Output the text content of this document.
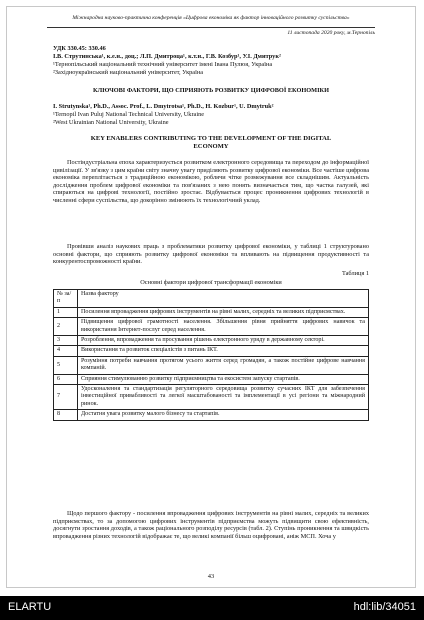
Міжнародна науково-практична конференція «Цифрова економіка як фактор інноваційного розвитку суспільства»
11 листопада 2020 року, м.Тернопіль
УДК 330.45: 330.46
І.В. Струтинська¹, к.е.н., доц.; Л.П. Дмитроца¹, к.т.н., Г.В. Козбур¹, У.І. Дмитрук²
¹Тернопільський національний технічний університет імені Івана Пулюя, Україна
²Західноукраїнський національний університет, Україна
КЛЮЧОВІ ФАКТОРИ, ЩО СПРИЯЮТЬ РОЗВИТКУ ЦИФРОВОЇ ЕКОНОМІКИ
I. Strutynska¹, Ph.D., Assoc. Prof., L. Dmytrotsa¹, Ph.D., H. Kozbur¹, U. Dmytruk²
¹Ternopil Ivan Puluj National Technical University, Ukraine
²West Ukrainian National University, Ukraine
KEY ENABLERS CONTRIBUTING TO THE DEVELOPMENT OF THE DIGITAL ECONOMY
Постіндустріальна епоха характеризується розвитком електронного середовища та переходом до інформаційної цивілізації. У зв'язку з цим країни світу значну увагу приділяють розвитку цифрової економіки. Все частіше цифрова економіка переплітається з традиційною економікою, роблячи чітке розмежування все складнішим. Актуальність дослідження проблем цифрової економіки та пов'язаних з нею понять визначається тим, що частка галузей, які спираються на цифрові технології, постійно зростає. Відбувається процес проникнення цифрових технологій в численні сфери суспільства, що докорінно змінюють їх технологічний уклад.
Провівши аналіз наукових праць з проблематики розвитку цифрової економіки, у таблиці 1 структуровано основні фактори, що сприяють розвитку цифрової економіки та впливають на підвищення продуктивності та конкурентоспроможності країни.
Таблиця 1
Основні фактори цифрової трансформації економіки
№ за/п	Назва фактору
1	Посилення впровадження цифрових інструментів на рівні малих, середніх та великих підприємствах.
2	Підвищення цифрової грамотності населення. Збільшення рівня прийняття цифрових навичок та використання Інтернет-послуг серед населення.
3	Розроблення, впровадження та просування рішень електронного уряду в державному секторі.
4	Використання та розвиток спеціалістів з питань ІКТ.
5	Розуміння потреби навчання протягом усього життя серед громадян, а також постійне цифрове навчання компаній.
6	Сприяння стимулюванню розвитку підприємництва та екосистем запуску стартапів.
7	Удосконалення та стандартизація регуляторного середовища розвитку сучасних ІКТ для забезпечення інвестиційної привабливості та легкої масштабованості та імплементації в усі регіони та міжнародний ринок.
8	Достатня увага розвитку малого бізнесу та стартапів.
Щодо першого фактору - посилення впровадження цифрових інструментів на рівні малих, середніх та великих підприємствах, то за допомогою цифрових інструментів підприємства можуть підвищити свою ефективність, досягнути зростання доходів, а також раціонального розподілу ресурсів (табл. 2). Ступінь проникнення та швидкість впровадження різних технологій відображає те, що великі компанії більш оцифровані, аніж МСП. Хоча у
43
ELARTU	hdl:lib/34051
